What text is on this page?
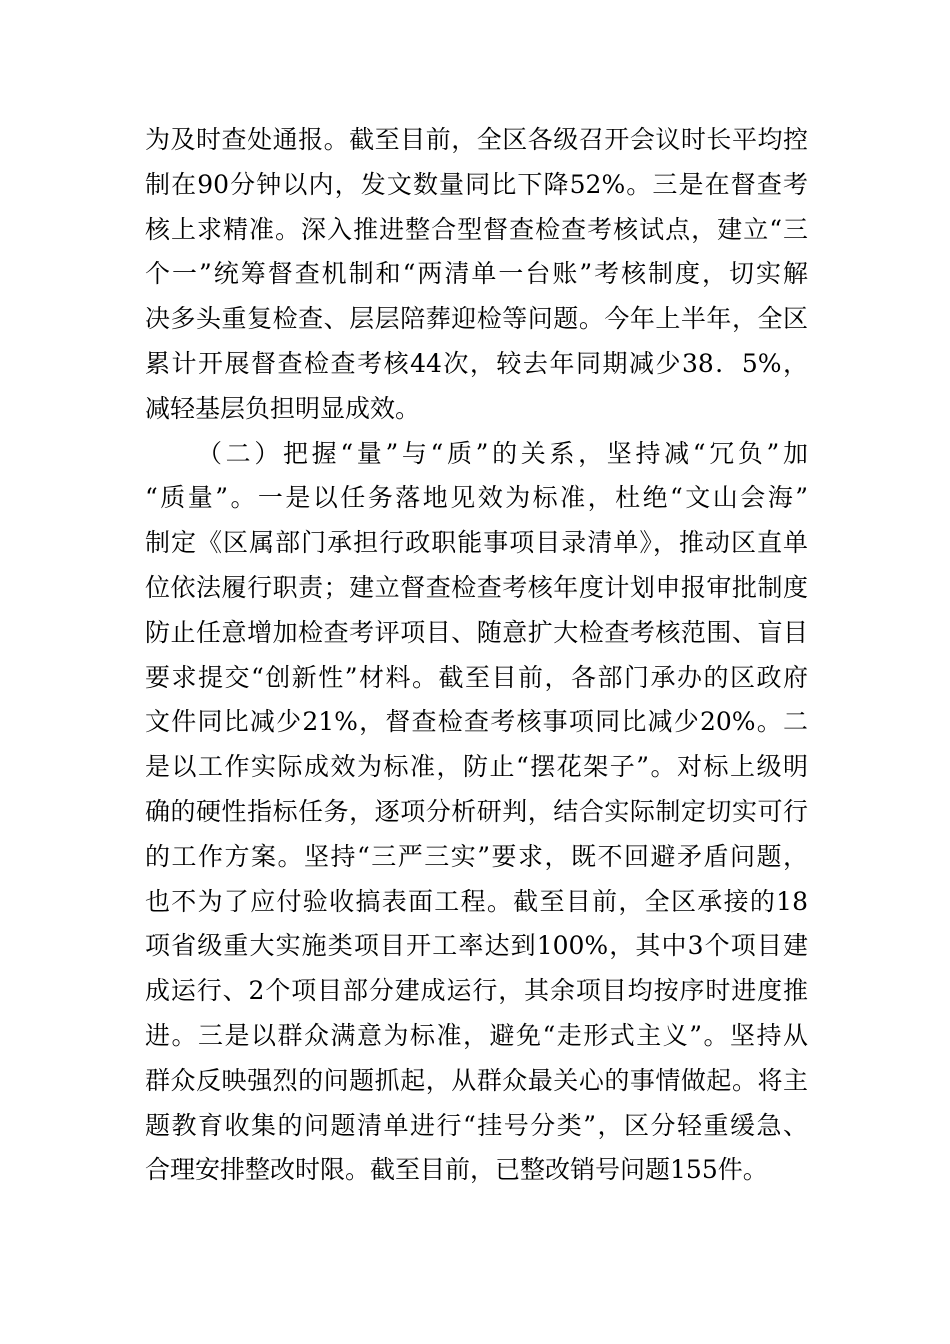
为及时查处通报。截至目前，全区各级召开会议时长平均控
制在90分钟以内，发文数量同比下降52%。三是在督查考
核上求精准。深入推进整合型督查检查考核试点，建立“三
个一”统筹督查机制和“两清单一台账”考核制度，切实解
决多头重复检查、层层陪葬迎检等问题。今年上半年，全区
累计开展督查检查考核44次，较去年同期减少38．5%，
减轻基层负担明显成效。
（二）把握“量”与“质”的关系，坚持减“冗负”加
“质量”。一是以任务落地见效为标准，杜绝“文山会海”
制定《区属部门承担行政职能事项目录清单》，推动区直单
位依法履行职责；建立督查检查考核年度计划申报审批制度
防止任意增加检查考评项目、随意扩大检查考核范围、盲目
要求提交“创新性”材料。截至目前，各部门承办的区政府
文件同比减少21%，督查检查考核事项同比减少20%。二
是以工作实际成效为标准，防止“摆花架子”。对标上级明
确的硬性指标任务，逐项分析研判，结合实际制定切实可行
的工作方案。坚持“三严三实”要求，既不回避矛盾问题，
也不为了应付验收搞表面工程。截至目前，全区承接的18
项省级重大实施类项目开工率达到100%，其中3个项目建
成运行、2个项目部分建成运行，其余项目均按序时进度推
进。三是以群众满意为标准，避免“走形式主义”。坚持从
群众反映强烈的问题抓起，从群众最关心的事情做起。将主
题教育收集的问题清单进行“挂号分类”，区分轻重缓急、
合理安排整改时限。截至目前，已整改销号问题155件。
